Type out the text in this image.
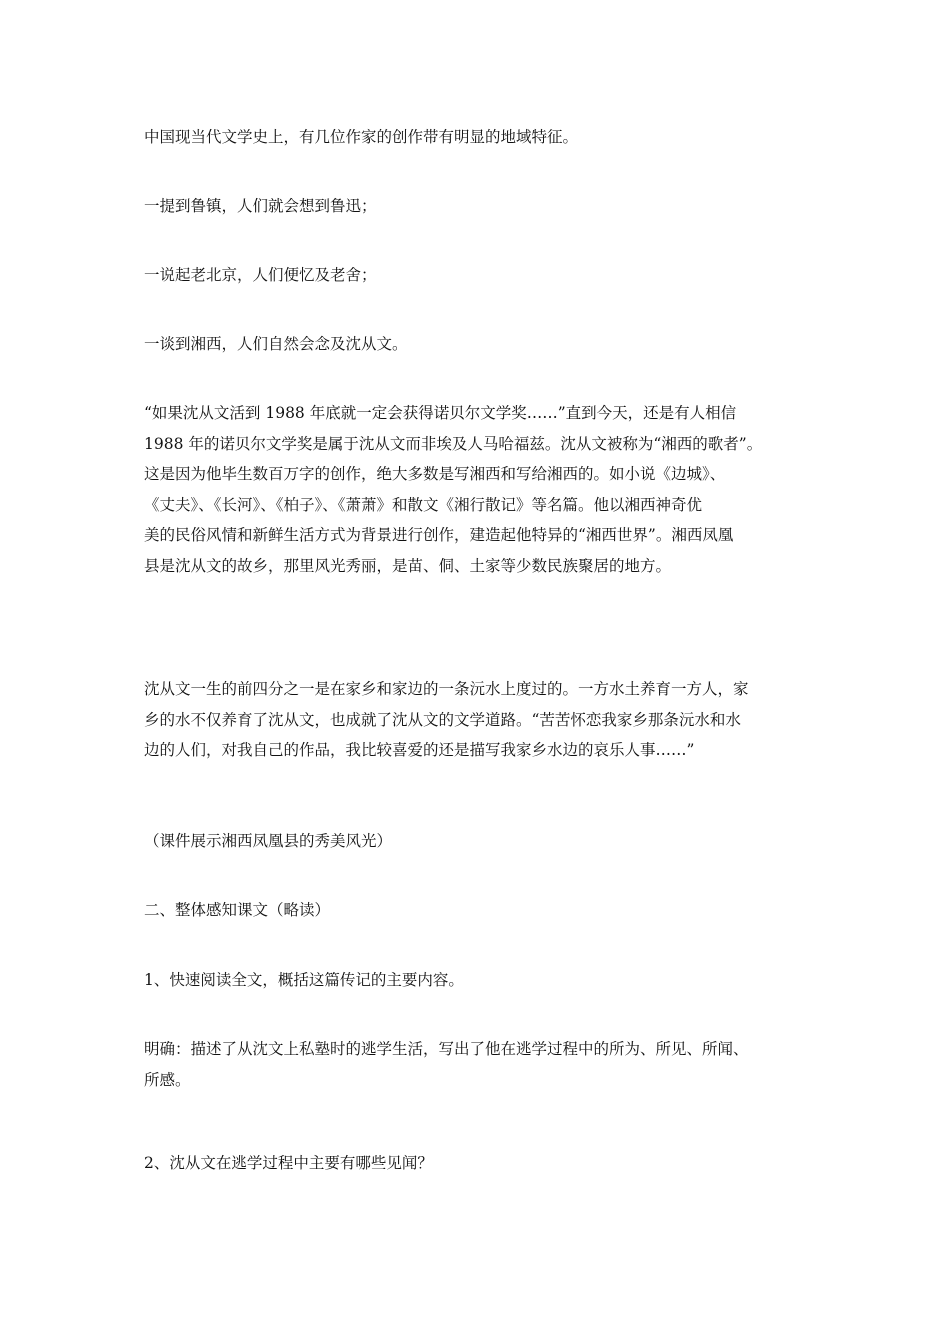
中国现当代文学史上，有几位作家的创作带有明显的地域特征。

一提到鲁镇，人们就会想到鲁迅；

一说起老北京，人们便忆及老舍；

一谈到湘西，人们自然会念及沈从文。

“如果沈从文活到 1988 年底就一定会获得诺贝尔文学奖……”直到今天，还是有人相信
1988 年的诺贝尔文学奖是属于沈从文而非埃及人马哈福兹。沈从文被称为“湘西的歌者”。
这是因为他毕生数百万字的创作，绝大多数是写湘西和写给湘西的。如小说《边城》、
《丈夫》、《长河》、《柏子》、《萧萧》和散文《湘行散记》等名篇。他以湘西神奇优
美的民俗风情和新鲜生活方式为背景进行创作，建造起他特异的“湘西世界”。湘西凤凰
县是沈从文的故乡，那里风光秀丽，是苗、侗、土家等少数民族聚居的地方。

沈从文一生的前四分之一是在家乡和家边的一条沅水上度过的。一方水土养育一方人，家
乡的水不仅养育了沈从文，也成就了沈从文的文学道路。“苦苦怀恋我家乡那条沅水和水
边的人们，对我自己的作品，我比较喜爱的还是描写我家乡水边的哀乐人事……”

（课件展示湘西凤凰县的秀美风光）

二、整体感知课文（略读）

1、快速阅读全文，概括这篇传记的主要内容。

明确：描述了从沈文上私塾时的逃学生活，写出了他在逃学过程中的所为、所见、所闻、
所感。

2、沈从文在逃学过程中主要有哪些见闻？
